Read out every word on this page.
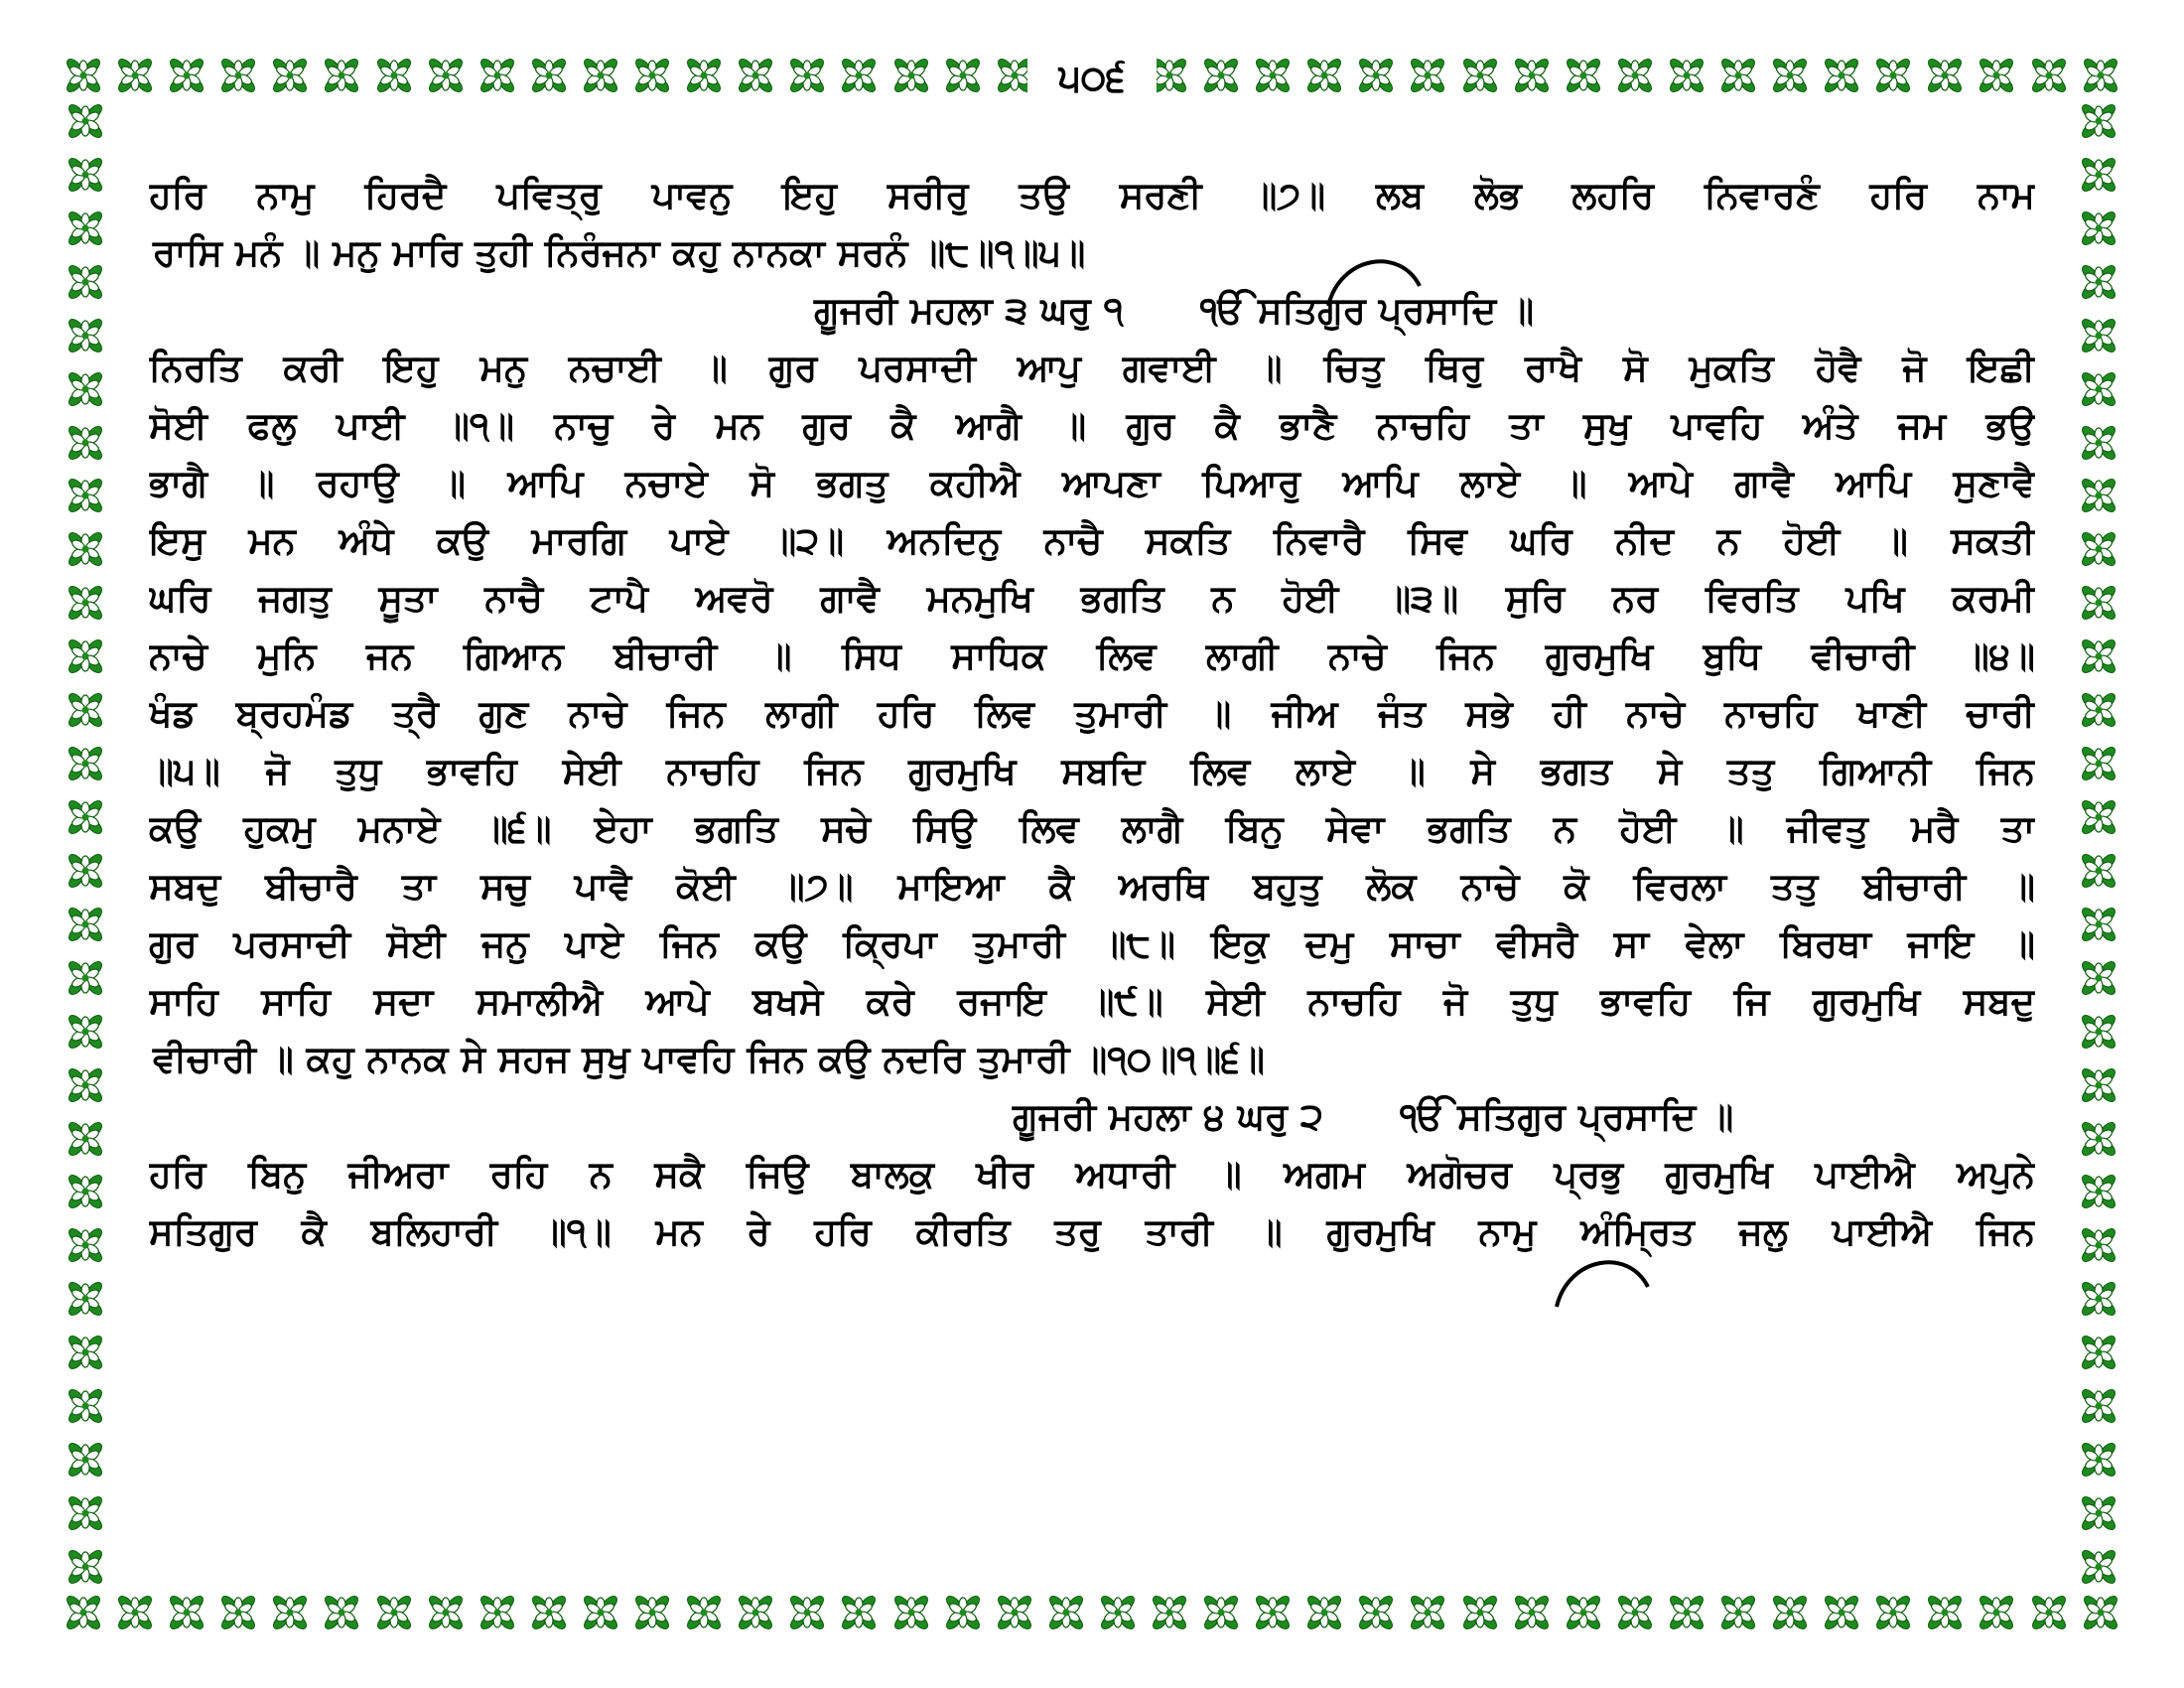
੫੦੬
ਹਰਿ ਨਾਮੁ ਹਿਰਦੈ ਪਵਿਤ੍ਰੁ ਪਾਵਨੁ ਇਹੁ ਸਰੀਰੁ ਤਉ ਸਰਣੀ ॥੭॥ ਲਬ ਲੋਭ ਲਹਰਿ ਨਿਵਾਰਣੰ ਹਰਿ ਨਾਮ
ਰਾਸਿ ਮਨੰ ॥ ਮਨੁ ਮਾਰਿ ਤੁਹੀ ਨਿਰੰਜਨਾ ਕਹੁ ਨਾਨਕਾ ਸਰਨੰ ॥੮॥੧॥੫॥
ਗੂਜਰੀ ਮਹਲਾ ੩ ਘਰੁ ੧      ੴ ਸਤਿਗੁਰ ਪ੍ਰਸਾਦਿ ॥
ਨਿਰਤਿ ਕਰੀ ਇਹੁ ਮਨੁ ਨਚਾਈ ॥ ਗੁਰ ਪਰਸਾਦੀ ਆਪੁ ਗਵਾਈ ॥ ਚਿਤੁ ਥਿਰੁ ਰਾਖੈ ਸੋ ਮੁਕਤਿ ਹੋਵੈ ਜੋ ਇਛੀ
ਸੋਈ ਫਲੁ ਪਾਈ ॥੧॥ ਨਾਚੁ ਰੇ ਮਨ ਗੁਰ ਕੈ ਆਗੈ ॥ ਗੁਰ ਕੈ ਭਾਣੈ ਨਾਚਹਿ ਤਾ ਸੁਖੁ ਪਾਵਹਿ ਅੰਤੇ ਜਮ ਭਉ
ਭਾਗੈ ॥ ਰਹਾਉ ॥ ਆਪਿ ਨਚਾਏ ਸੋ ਭਗਤੁ ਕਹੀਐ ਆਪਣਾ ਪਿਆਰੁ ਆਪਿ ਲਾਏ ॥ ਆਪੇ ਗਾਵੈ ਆਪਿ ਸੁਣਾਵੈ
ਇਸੁ ਮਨ ਅੰਧੇ ਕਉ ਮਾਰਗਿ ਪਾਏ ॥੨॥ ਅਨਦਿਨੁ ਨਾਚੈ ਸਕਤਿ ਨਿਵਾਰੈ ਸਿਵ ਘਰਿ ਨੀਦ ਨ ਹੋਈ ॥ ਸਕਤੀ
ਘਰਿ ਜਗਤੁ ਸੂਤਾ ਨਾਚੈ ਟਾਪੈ ਅਵਰੋ ਗਾਵੈ ਮਨਮੁਖਿ ਭਗਤਿ ਨ ਹੋਈ ॥੩॥ ਸੁਰਿ ਨਰ ਵਿਰਤਿ ਪਖਿ ਕਰਮੀ
ਨਾਚੇ ਮੁਨਿ ਜਨ ਗਿਆਨ ਬੀਚਾਰੀ ॥ ਸਿਧ ਸਾਧਿਕ ਲਿਵ ਲਾਗੀ ਨਾਚੇ ਜਿਨ ਗੁਰਮੁਖਿ ਬੁਧਿ ਵੀਚਾਰੀ ॥੪॥
ਖੰਡ ਬ੍ਰਹਮੰਡ ਤ੍ਰੈ ਗੁਣ ਨਾਚੇ ਜਿਨ ਲਾਗੀ ਹਰਿ ਲਿਵ ਤੁਮਾਰੀ ॥ ਜੀਅ ਜੰਤ ਸਭੇ ਹੀ ਨਾਚੇ ਨਾਚਹਿ ਖਾਣੀ ਚਾਰੀ
॥੫॥ ਜੋ ਤੁਧੁ ਭਾਵਹਿ ਸੇਈ ਨਾਚਹਿ ਜਿਨ ਗੁਰਮੁਖਿ ਸਬਦਿ ਲਿਵ ਲਾਏ ॥ ਸੇ ਭਗਤ ਸੇ ਤਤੁ ਗਿਆਨੀ ਜਿਨ
ਕਉ ਹੁਕਮੁ ਮਨਾਏ ॥੬॥ ਏਹਾ ਭਗਤਿ ਸਚੇ ਸਿਉ ਲਿਵ ਲਾਗੈ ਬਿਨੁ ਸੇਵਾ ਭਗਤਿ ਨ ਹੋਈ ॥ ਜੀਵਤੁ ਮਰੈ ਤਾ
ਸਬਦੁ ਬੀਚਾਰੈ ਤਾ ਸਚੁ ਪਾਵੈ ਕੋਈ ॥੭॥ ਮਾਇਆ ਕੈ ਅਰਥਿ ਬਹੁਤੁ ਲੋਕ ਨਾਚੇ ਕੋ ਵਿਰਲਾ ਤਤੁ ਬੀਚਾਰੀ ॥
ਗੁਰ ਪਰਸਾਦੀ ਸੋਈ ਜਨੁ ਪਾਏ ਜਿਨ ਕਉ ਕ੍ਰਿਪਾ ਤੁਮਾਰੀ ॥੮॥ ਇਕੁ ਦਮੁ ਸਾਚਾ ਵੀਸਰੈ ਸਾ ਵੇਲਾ ਬਿਰਥਾ ਜਾਇ ॥
ਸਾਹਿ ਸਾਹਿ ਸਦਾ ਸਮਾਲੀਐ ਆਪੇ ਬਖਸੇ ਕਰੇ ਰਜਾਇ ॥੯॥ ਸੇਈ ਨਾਚਹਿ ਜੋ ਤੁਧੁ ਭਾਵਹਿ ਜਿ ਗੁਰਮੁਖਿ ਸਬਦੁ
ਵੀਚਾਰੀ ॥ ਕਹੁ ਨਾਨਕ ਸੇ ਸਹਜ ਸੁਖੁ ਪਾਵਹਿ ਜਿਨ ਕਉ ਨਦਰਿ ਤੁਮਾਰੀ ॥੧੦॥੧॥੬॥
ਗੂਜਰੀ ਮਹਲਾ ੪ ਘਰੁ ੨      ੴ ਸਤਿਗੁਰ ਪ੍ਰਸਾਦਿ ॥
ਹਰਿ ਬਿਨੁ ਜੀਅਰਾ ਰਹਿ ਨ ਸਕੈ ਜਿਉ ਬਾਲਕੁ ਖੀਰ ਅਧਾਰੀ ॥ ਅਗਮ ਅਗੋਚਰ ਪ੍ਰਭੁ ਗੁਰਮੁਖਿ ਪਾਈਐ ਅਪੁਨੇ
ਸਤਿਗੁਰ ਕੈ ਬਲਿਹਾਰੀ ॥੧॥ ਮਨ ਰੇ ਹਰਿ ਕੀਰਤਿ ਤਰੁ ਤਾਰੀ ॥ ਗੁਰਮੁਖਿ ਨਾਮੁ ਅੰਮ੍ਰਿਤ ਜਲੁ ਪਾਈਐ ਜਿਨ
